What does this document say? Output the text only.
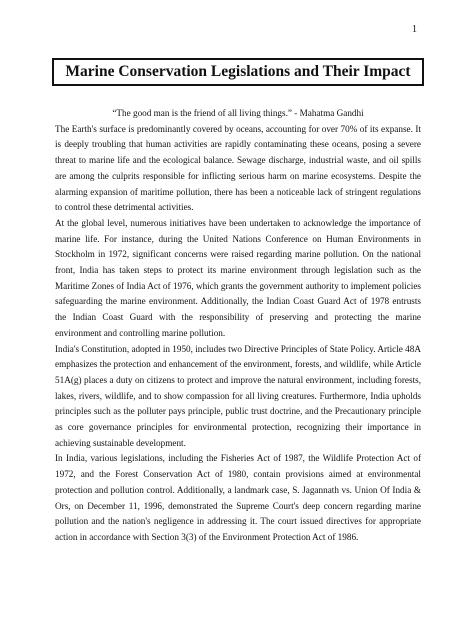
1
Marine Conservation Legislations and Their Impact

“The good man is the friend of all living things.” - Mahatma Gandhi

The Earth's surface is predominantly covered by oceans, accounting for over 70% of its expanse. It is deeply troubling that human activities are rapidly contaminating these oceans, posing a severe threat to marine life and the ecological balance. Sewage discharge, industrial waste, and oil spills are among the culprits responsible for inflicting serious harm on marine ecosystems. Despite the alarming expansion of maritime pollution, there has been a noticeable lack of stringent regulations to control these detrimental activities.

At the global level, numerous initiatives have been undertaken to acknowledge the importance of marine life. For instance, during the United Nations Conference on Human Environments in Stockholm in 1972, significant concerns were raised regarding marine pollution. On the national front, India has taken steps to protect its marine environment through legislation such as the Maritime Zones of India Act of 1976, which grants the government authority to implement policies safeguarding the marine environment. Additionally, the Indian Coast Guard Act of 1978 entrusts the Indian Coast Guard with the responsibility of preserving and protecting the marine environment and controlling marine pollution.

India's Constitution, adopted in 1950, includes two Directive Principles of State Policy. Article 48A emphasizes the protection and enhancement of the environment, forests, and wildlife, while Article 51A(g) places a duty on citizens to protect and improve the natural environment, including forests, lakes, rivers, wildlife, and to show compassion for all living creatures. Furthermore, India upholds principles such as the polluter pays principle, public trust doctrine, and the Precautionary principle as core governance principles for environmental protection, recognizing their importance in achieving sustainable development.

In India, various legislations, including the Fisheries Act of 1987, the Wildlife Protection Act of 1972, and the Forest Conservation Act of 1980, contain provisions aimed at environmental protection and pollution control. Additionally, a landmark case, S. Jagannath vs. Union Of India & Ors, on December 11, 1996, demonstrated the Supreme Court's deep concern regarding marine pollution and the nation's negligence in addressing it. The court issued directives for appropriate action in accordance with Section 3(3) of the Environment Protection Act of 1986.
